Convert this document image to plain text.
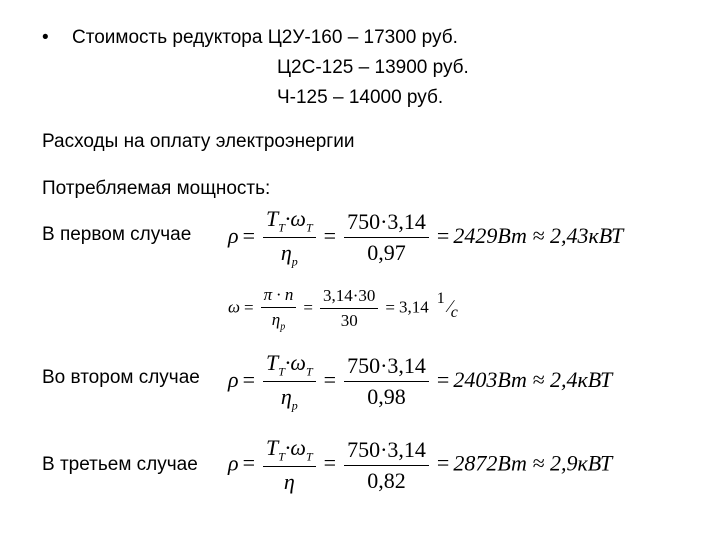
• Стоимость редуктора Ц2У-160 – 17300 руб.
Ц2С-125 – 13900 руб.
Ч-125 – 14000 руб.
Расходы на оплату электроэнергии
Потребляемая мощность:
В первом случае $\rho = \frac{T_T\cdot\omega_T}{\eta_р} = \frac{750\cdot 3,14}{0,97} = 2429Вт \approx 2,43кВТ$
$\omega = \frac{\pi \cdot n}{\eta_р} = \frac{3,14\cdot 30}{30} = 3,14$ 1 ∕
с
Во втором случае $\rho = \frac{T_T\cdot\omega_T}{\eta_р} = \frac{750\cdot 3,14}{0,98} = 2403Вт \approx 2,4кВТ$
В третьем случае $\rho = \frac{T_T\cdot\omega_T}{\eta} = \frac{750\cdot 3,14}{0,82} = 2872Вт \approx 2,9кВТ$
